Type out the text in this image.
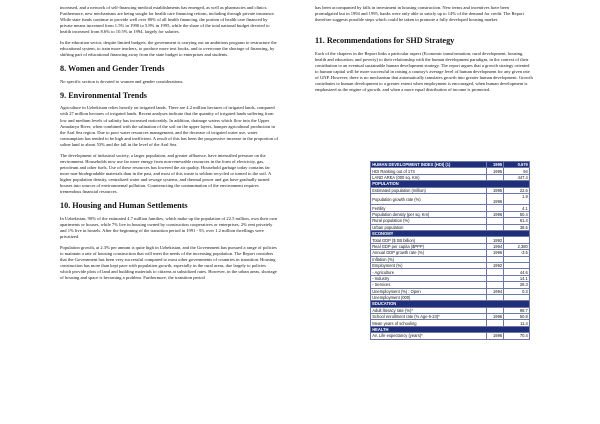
increased, and a network of self-financing medical establishments has emerged, as well as pharmacies and clinics. Furthermore, new mechanisms are being sought for health care financing reform, including through private insurance. While state funds continue to provide well over 80% of all health financing, the portion of health care financed by private means increased from 1.5% in 1990 to 5.8% in 1995, while the share of the total national budget devoted to health increased from 8.6% to 10.5% in 1994, largely for salaries.

In the education sector, despite limited budgets, the government is carrying out an ambitious program to restructure the educational system, to train more teachers, to produce more text books, and to overcome the shortage of financing, by shifting part of educational financing away from the state budget to enterprises and students.

8. Women and Gender Trends

No specific section is devoted to women and gender considerations.

9. Environmental Trends

Agriculture in Uzbekistan relies heavily on irrigated lands. There are 4.2 million hectares of irrigated lands, compared with 27 million hectares of irrigated lands. Recent analyses indicate that the quantity of irrigated lands suffering from low and medium levels of salinity has increased noticeably. In addition, drainage waters which flow into the Upper Amudarya River, when combined with the salination of the soil on the upper layers, hamper agricultural production in the Aral Sea region. Due to poor water resources management, and the decrease of irrigated water use, water consumption has tended to be high and inefficient. A result of this has been the progressive increase in the proportion of saline land to about 53% and the fall in the level of the Aral Sea.

The development of industrial society, a larger population, and greater affluence, have intensified pressure on the environment. Households now use far more energy from non-renewable resources in the form of electricity, gas, petroleum and other fuels. Use of these resources has lowered the air quality. Household garbage today contains far more non-biodegradable materials than in the past, and most of this waste is seldom recycled or turned to the soil. A higher population density, centralized water and sewage systems, and thermal power and gas have gradually turned houses into sources of environmental pollution. Counteracting the contamination of the environment requires tremendous financial resources.

10. Housing and Human Settlements

In Uzbekistan, 90% of the estimated 4.7 million families, which make up the population of 22.5 million, own their own apartments or houses, while 7% live in housing owned by construction cooperatives or enterprises, 2% rent privately and 1% live in hostels. After the beginning of the transition period in 1991 - 93, over 1.2 million dwellings were privatized.

Population growth, at 2.3% per annum is quite high in Uzbekistan, and the Government has pursued a range of policies to maintain a rate of housing construction that will meet the needs of the increasing population. The Report considers that the Government has been very successful compared to most other governments of countries in transition. Housing construction has more than kept pace with population growth, especially in the rural areas, due largely to policies which provide plots of land and building materials to citizens at subsidized rates. However, in the urban areas, shortage of housing and space is becoming a problem. Furthermore, the transition period

has been accompanied by falls in investment in housing construction. New terms and incentives have been promulgated but in 1994 and 1995, banks were only able to satisfy up to 14% of the demand for credit. The Report therefore suggests possible steps which could be taken to promote a fully developed housing market.

11. Recommendations for SHD Strategy

Each of the chapters in the Report links a particular aspect (Economic transformation, rural development, housing, health and education, and poverty) to their relationship with the human development paradigm, in the context of their contribution to an eventual sustainable human development strategy. The report argues that a growth strategy oriented to human capital will be more successful in raising a country's average level of human development for any given rate of GNP. However, there is no mechanism that automatically translates growth into greater human development. Growth contributes to human development to a greater extent when employment is encouraged, when human development is emphasized as the engine of growth, and when a more equal distribution of income is promoted.

HUMAN DEVELOPMENT INDEX (HDI) (1)	1995	0.679
HDI Ranking out of 174	1995	94
LAND AREA (000 sq. Km)		447.4
POPULATION		
Estimated population (million)	1995	22.6
Population growth rate (%)	1996	1.9
Fertility		4.1
Population density (per sq. Km)	1996	50.4
Rural population (%)		61.4
Urban population		38.6
ECONOMY		
Total GDP ($ SB billion)	1992	
Real GDP per capita ($PPP)	1994	2,380
Annual GDP growth rate (%)	1996	-3.5
Inflation (%)		
Employment (%)	1992	
- Agriculture		44.6
- Industry		14.1
- Services		28.3
Unemployment (%) : Open	1994	0.3
Unemployment (000)		
EDUCATION		
Adult literacy rate (%)*		98.7
School enrollment rate (% Age 6-23)*	1996	50.8
Mean years of schooling		11.4
HEALTH		
Av. Life expectancy (years)*	1996	70.4
